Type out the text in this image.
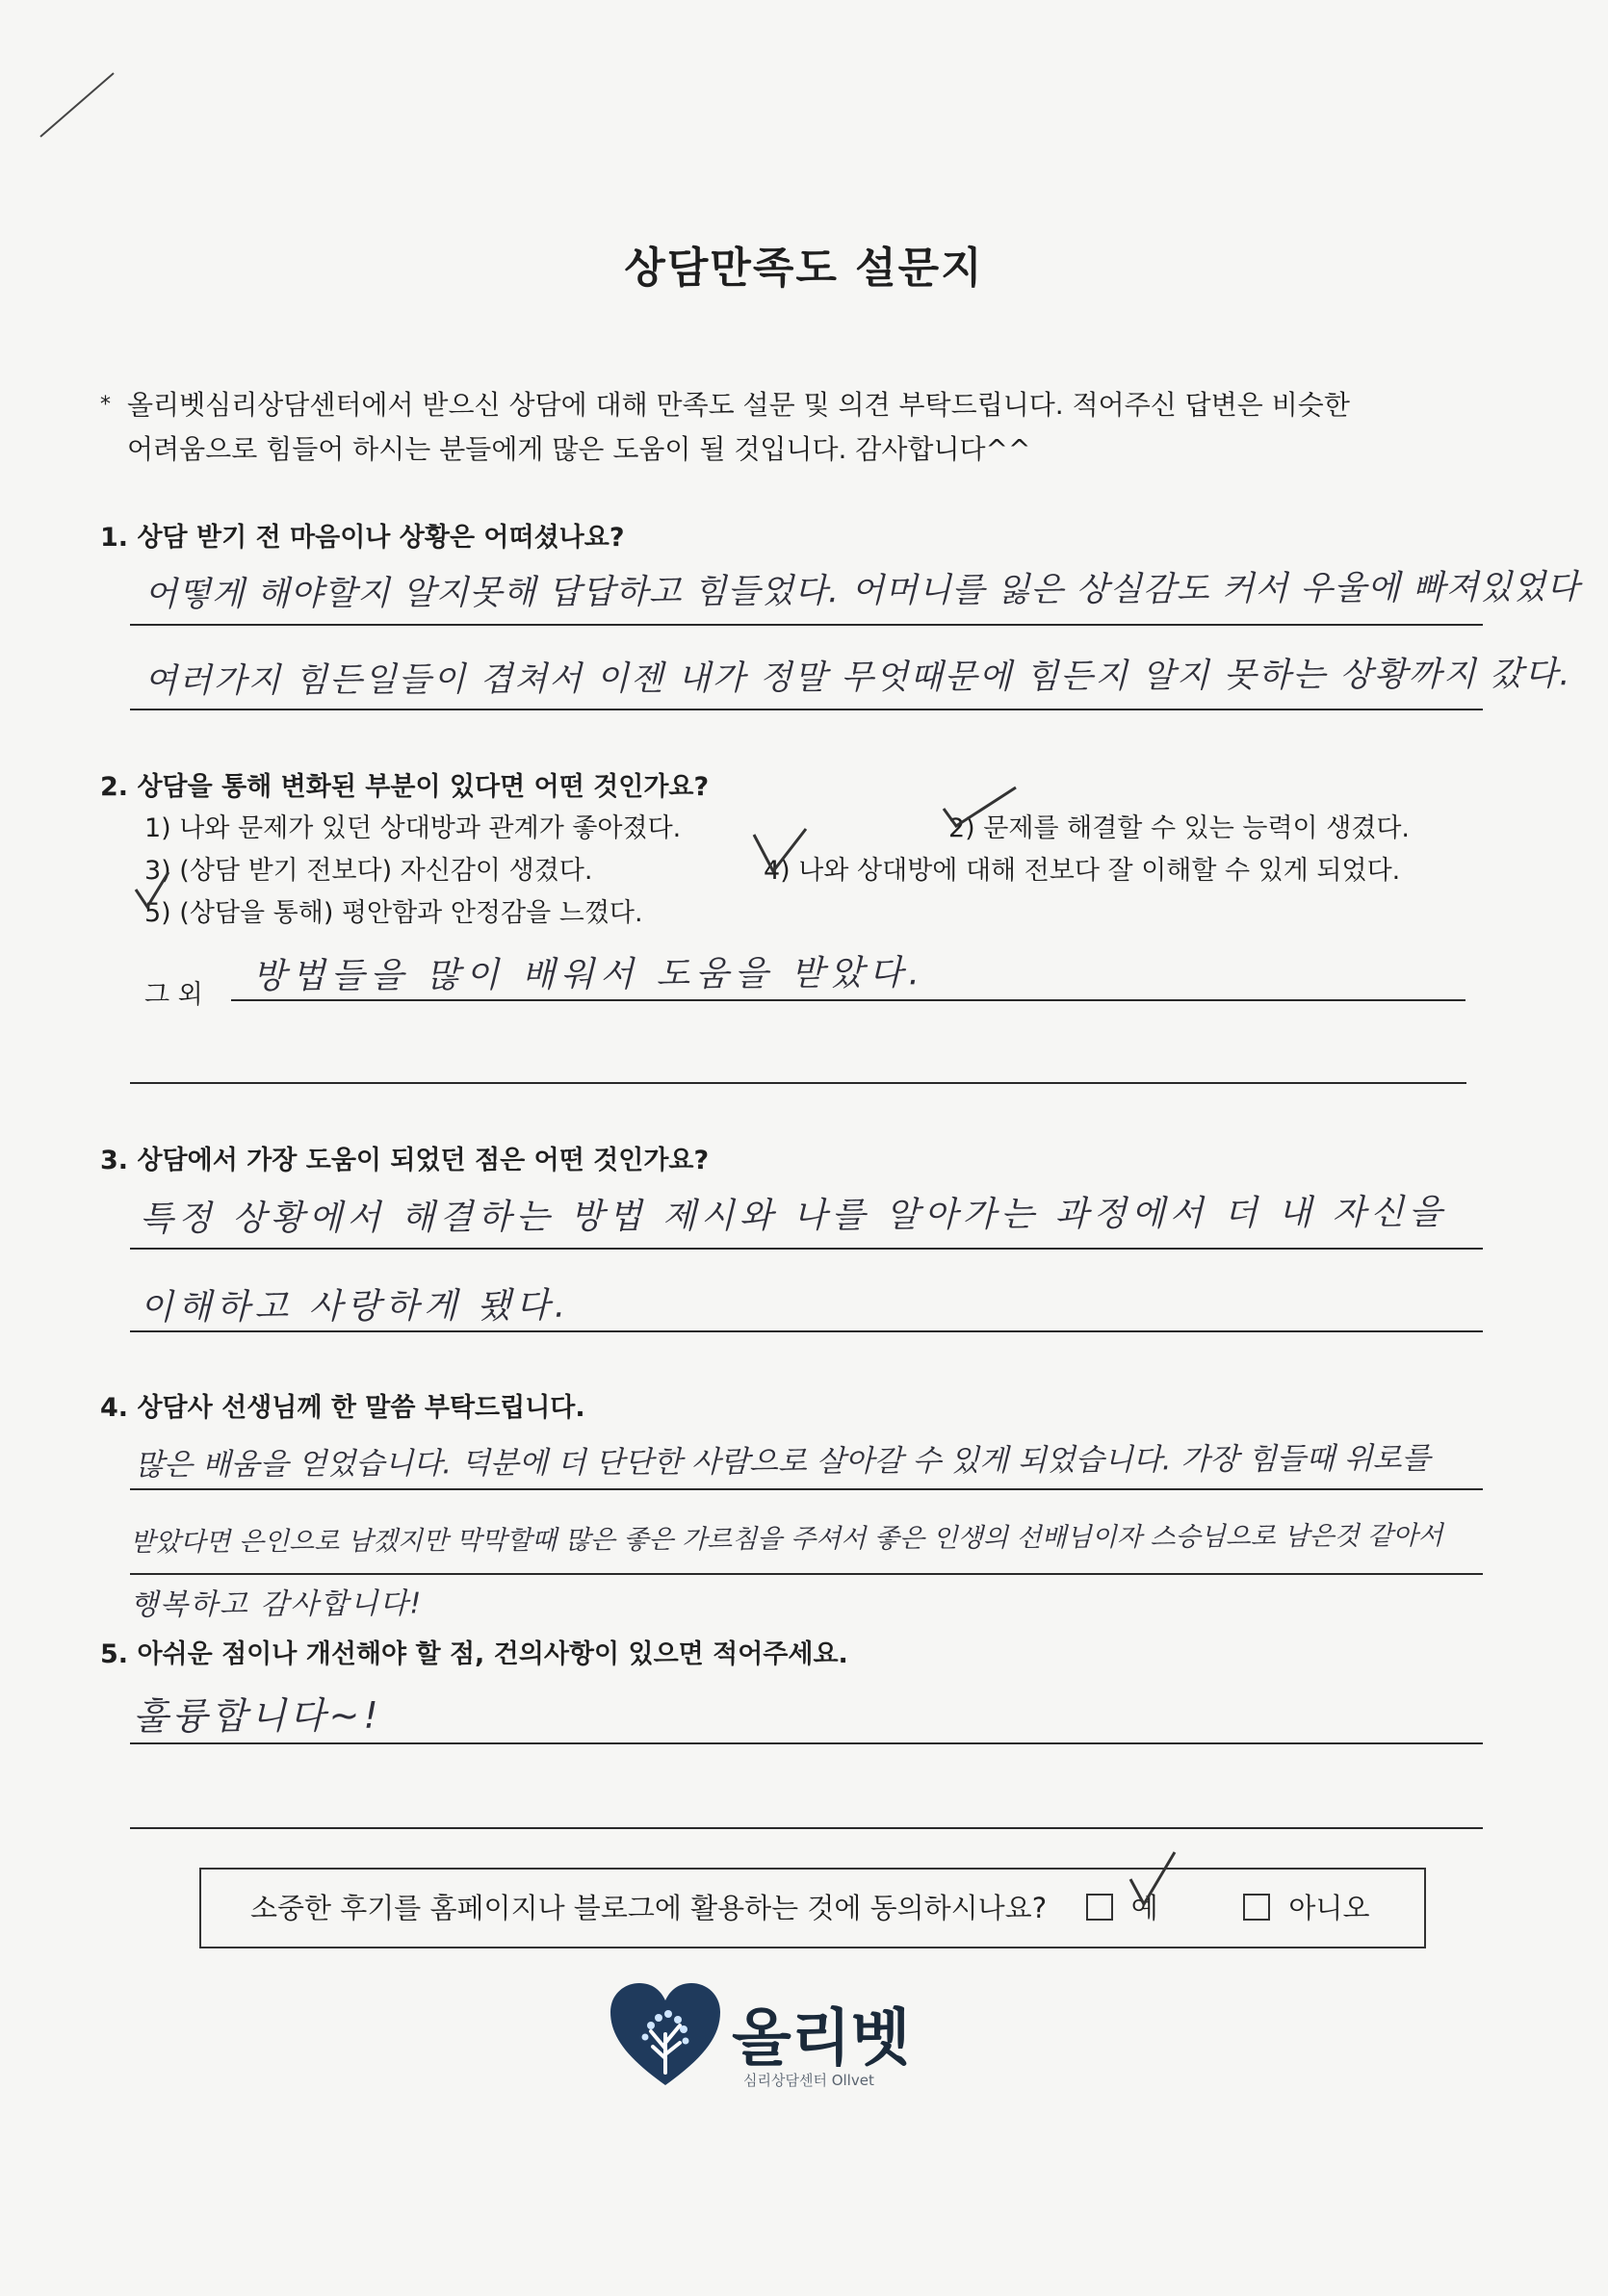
상담만족도 설문지
* 올리벳심리상담센터에서 받으신 상담에 대해 만족도 설문 및 의견 부탁드립니다. 적어주신 답변은 비슷한
어려움으로 힘들어 하시는 분들에게 많은 도움이 될 것입니다. 감사합니다^^
1. 상담 받기 전 마음이나 상황은 어떠셨나요?
어떻게 해야할지 알지못해 답답하고 힘들었다. 어머니를 잃은 상실감도 커서 우울에 빠져있었다
여러가지 힘든일들이 겹쳐서 이젠 내가 정말 무엇때문에 힘든지 알지 못하는 상황까지 갔다.
2. 상담을 통해 변화된 부분이 있다면 어떤 것인가요?
1) 나와 문제가 있던 상대방과 관계가 좋아졌다.	2) 문제를 해결할 수 있는 능력이 생겼다.
3) (상담 받기 전보다) 자신감이 생겼다.	4) 나와 상대방에 대해 전보다 잘 이해할 수 있게 되었다.
5) (상담을 통해) 평안함과 안정감을 느꼈다.
그 외 방법들을 많이 배워서 도움을 받았다.
3. 상담에서 가장 도움이 되었던 점은 어떤 것인가요?
특정 상황에서 해결하는 방법 제시와 나를 알아가는 과정에서 더 내 자신을
이해하고 사랑하게 됐다.
4. 상담사 선생님께 한 말씀 부탁드립니다.
많은 배움을 얻었습니다. 덕분에 더 단단한 사람으로 살아갈 수 있게 되었습니다. 가장 힘들때 위로를
받았다면 은인으로 남겠지만 막막할때 많은 좋은 가르침을 주셔서 좋은 인생의 선배님이자 스승님으로 남은것 같아서
행복하고 감사합니다!
5. 아쉬운 점이나 개선해야 할 점, 건의사항이 있으면 적어주세요.
훌륭합니다~!
소중한 후기를 홈페이지나 블로그에 활용하는 것에 동의하시나요?	예	아니오
올리벳
심리상담센터 Ollvet
